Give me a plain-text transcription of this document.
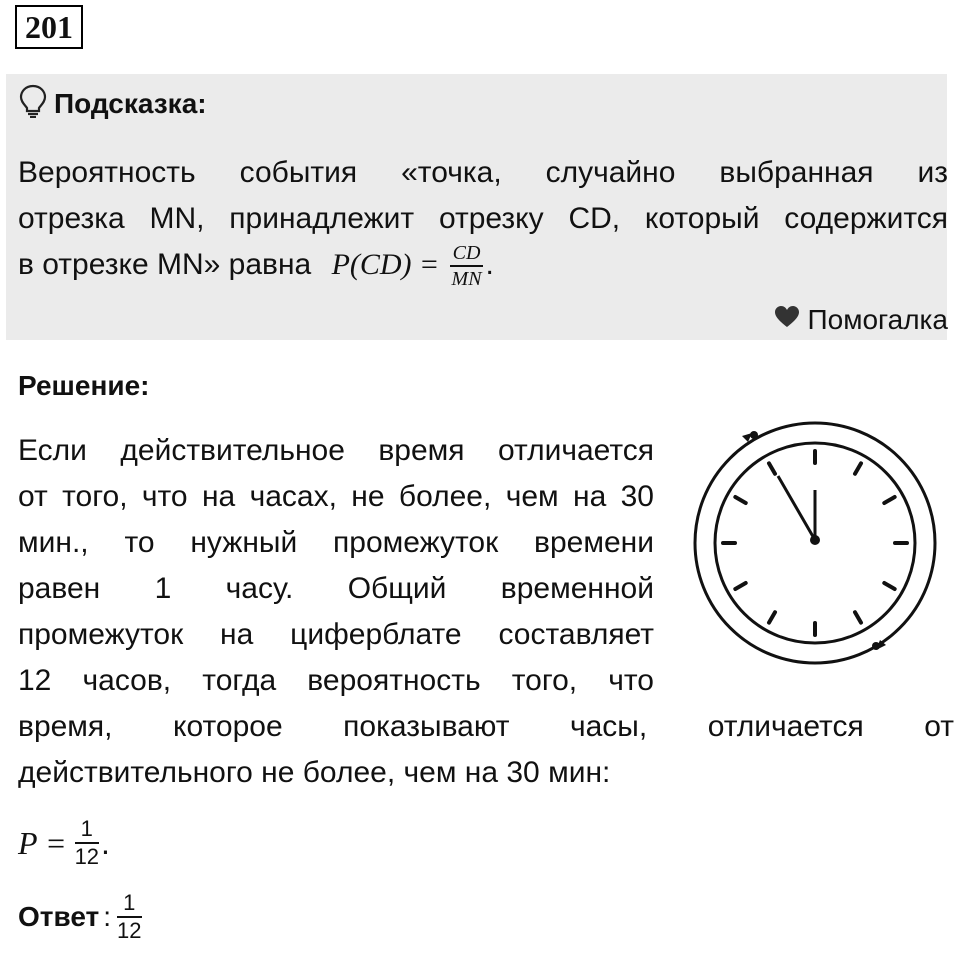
201
Подсказка:
Вероятность события «точка, случайно выбранная из
отрезка MN, принадлежит отрезку CD, который содержится
в отрезке MN» равна $P(CD) = \frac{CD}{MN}$ .
Помогалка
Решение:
Если действительное время отличается
от того, что на часах, не более, чем на 30
мин., то нужный промежуток времени
равен 1 часу. Общий временной
промежуток на циферблате составляет
12 часов, тогда вероятность того, что
время, которое показывают часы, отличается от
действительного не более, чем на 30 мин:
$P = \frac{1}{12}$ .
Ответ : $\frac{1}{12}$
